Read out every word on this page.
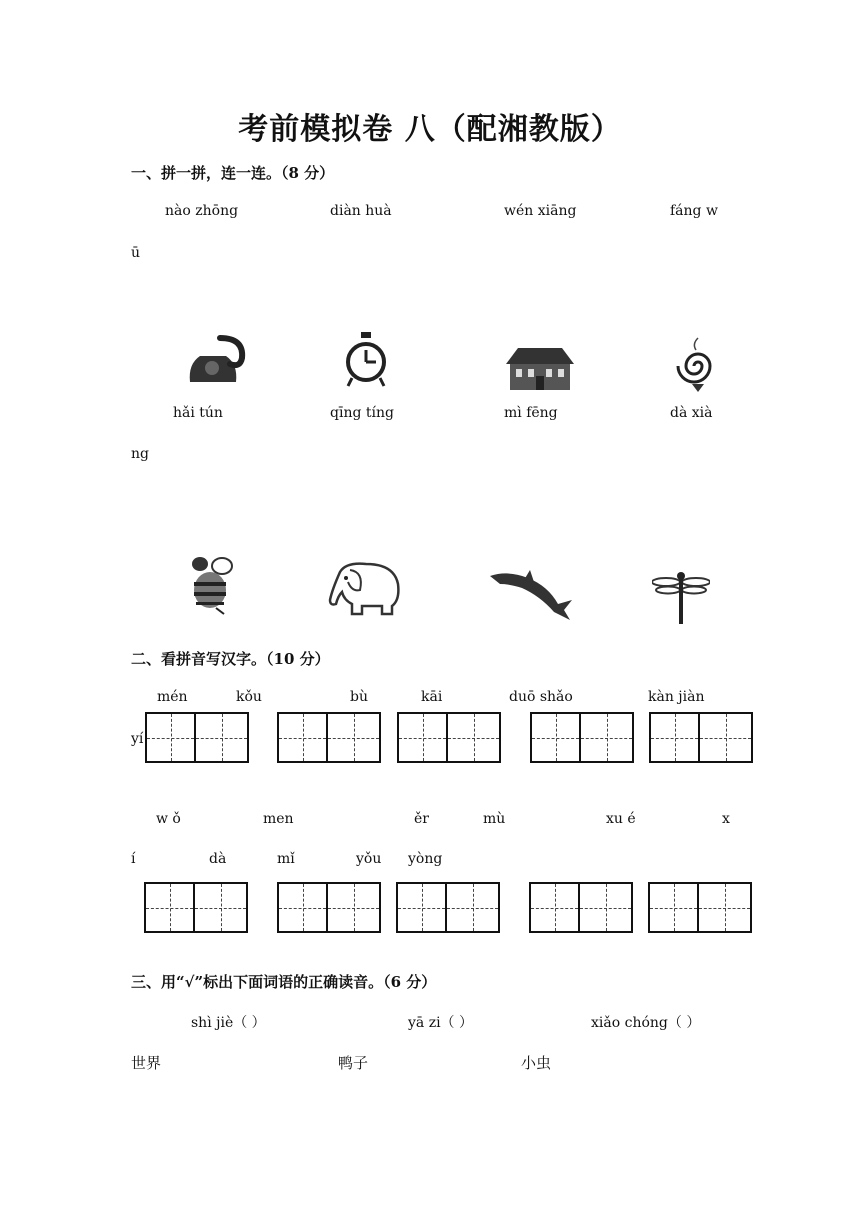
考前模拟卷 八（配湘教版）
一、拼一拼，连一连。（8 分）
nào zhōng	diàn huà	wén xiāng	fáng w
ū
hǎi tún	qīng tíng	mì fēng	dà xià
ng
二、看拼音写汉字。（10 分）
mén	kǒu	bù	kāi	duō shǎo	kàn jiàn
yí
w ǒ	men	ěr	mù	xu é	x
í	dà	mǐ	yǒu yòng
三、用“√”标出下面词语的正确读音。（6 分）
shì jiè（ ）	yā zi（ ）	xiǎo chóng（ ）
世界	鸭子	小虫
